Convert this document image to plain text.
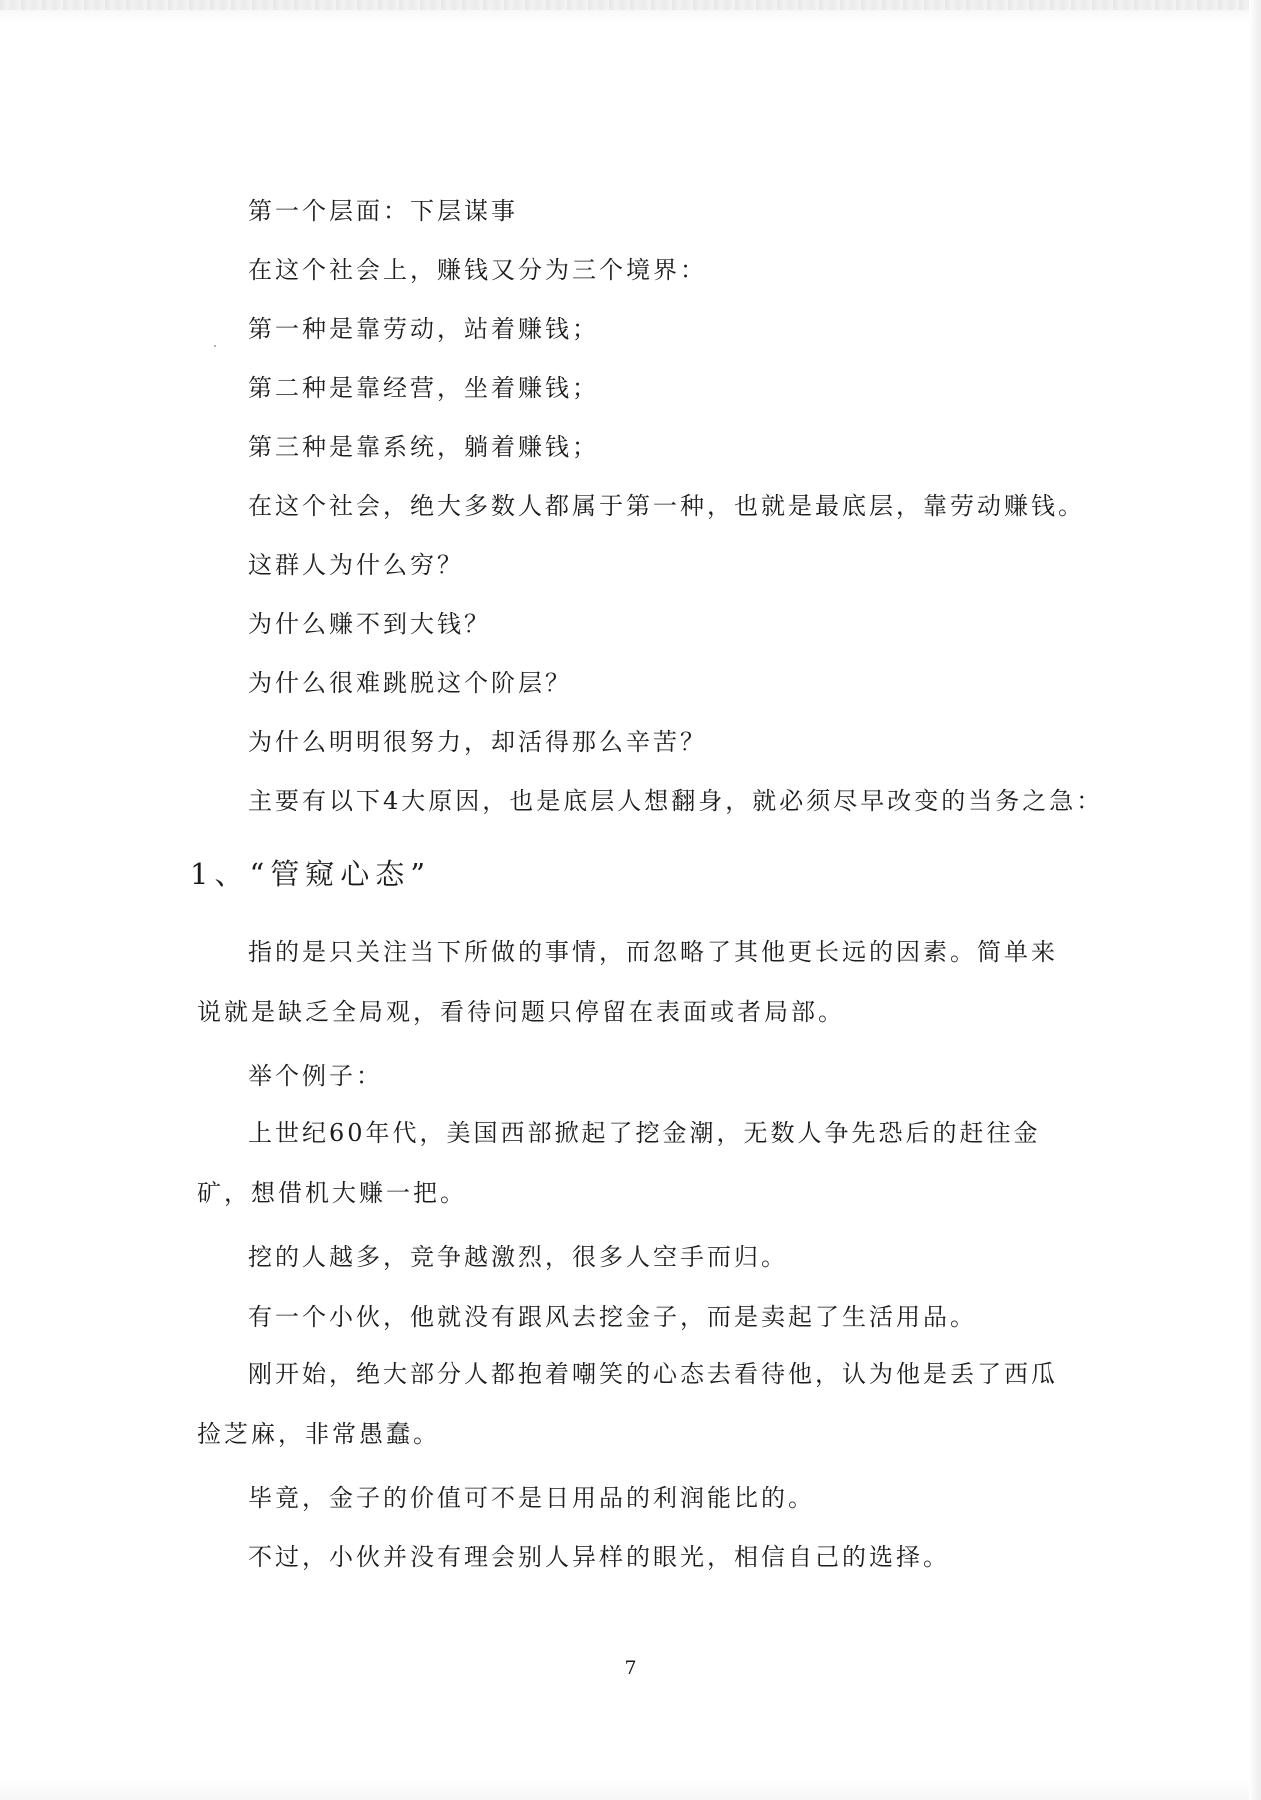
第一个层面：下层谋事

在这个社会上，赚钱又分为三个境界：

第一种是靠劳动，站着赚钱；

第二种是靠经营，坐着赚钱；

第三种是靠系统，躺着赚钱；

在这个社会，绝大多数人都属于第一种，也就是最底层，靠劳动赚钱。

这群人为什么穷？

为什么赚不到大钱？

为什么很难跳脱这个阶层？

为什么明明很努力，却活得那么辛苦？

主要有以下4大原因，也是底层人想翻身，就必须尽早改变的当务之急：

1、“管窥心态”

指的是只关注当下所做的事情，而忽略了其他更长远的因素。简单来说就是缺乏全局观，看待问题只停留在表面或者局部。

举个例子：

上世纪60年代，美国西部掀起了挖金潮，无数人争先恐后的赶往金矿，想借机大赚一把。

挖的人越多，竞争越激烈，很多人空手而归。

有一个小伙，他就没有跟风去挖金子，而是卖起了生活用品。

刚开始，绝大部分人都抱着嘲笑的心态去看待他，认为他是丢了西瓜捡芝麻，非常愚蠢。

毕竟，金子的价值可不是日用品的利润能比的。

不过，小伙并没有理会别人异样的眼光，相信自己的选择。

7
